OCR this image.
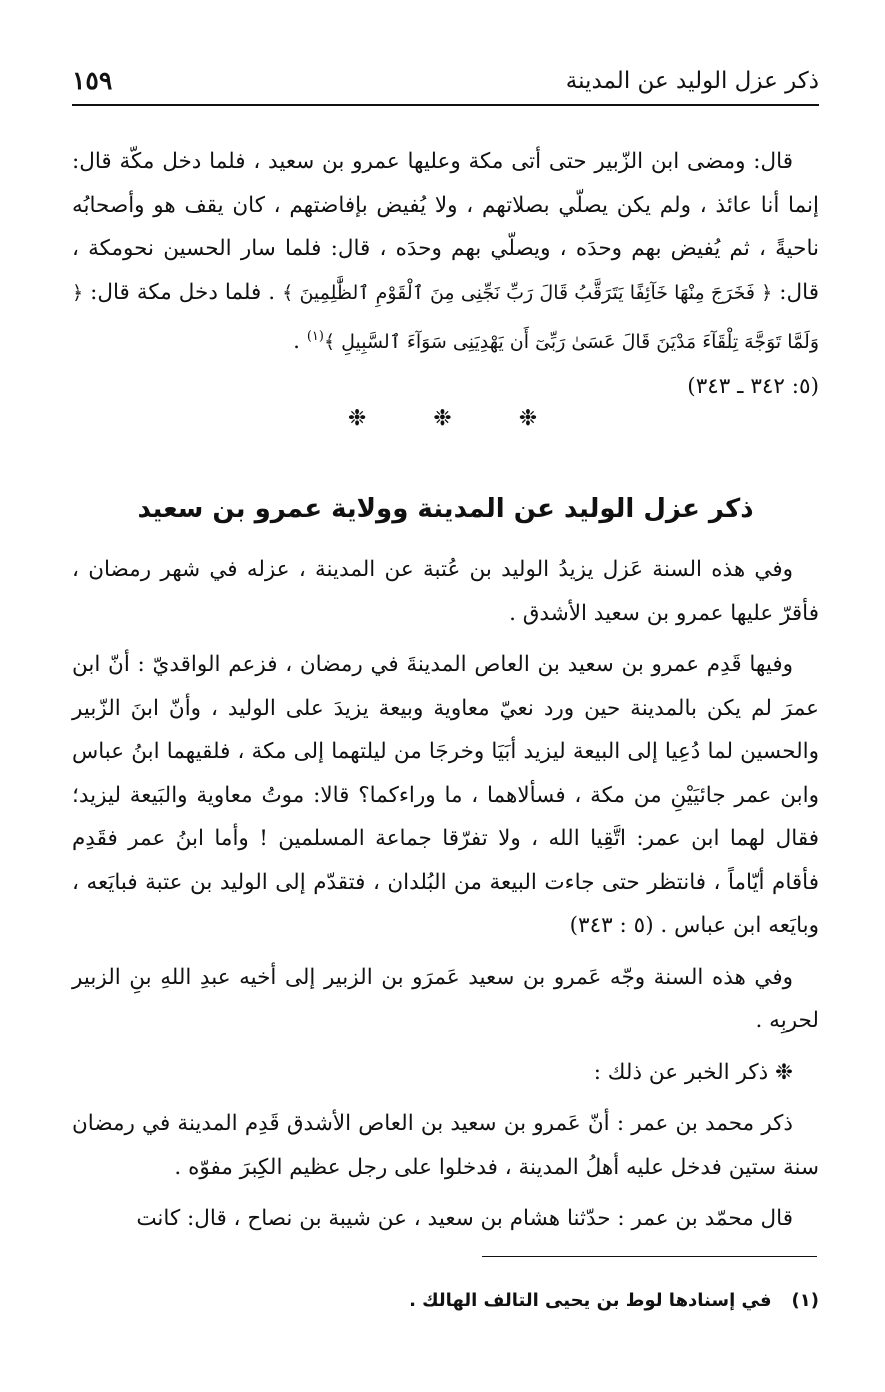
ذكر عزل الوليد عن المدينة
١٥٩

قال: ومضى ابن الزّبير حتى أتى مكة وعليها عمرو بن سعيد ، فلما دخل مكّة قال: إنما أنا عائذ ، ولم يكن يصلّي بصلاتهم ، ولا يُفيض بإفاضتهم ، كان يقف هو وأصحابُه ناحيةً ، ثم يُفيض بهم وحدَه ، ويصلّي بهم وحدَه ، قال: فلما سار الحسين نحومكة ، قال: ﴿ فَخَرَجَ مِنْهَا خَآئِفًا يَتَرَقَّبُ قَالَ رَبِّ نَجِّنِى مِنَ ٱلْقَوْمِ ٱلظَّٰلِمِينَ ﴾ . فلما دخل مكة قال: ﴿ وَلَمَّا تَوَجَّهَ تِلْقَآءَ مَدْيَنَ قَالَ عَسَىٰ رَبِّىٓ أَن يَهْدِيَنِى سَوَآءَ ٱلسَّبِيلِ ﴾$^{(١)}$ .
(٥: ٣٤٢ ـ ٣٤٣)

❉ ❉ ❉
ذكر عزل الوليد عن المدينة وولاية عمرو بن سعيد

وفي هذه السنة عَزل يزيدُ الوليد بن عُتبة عن المدينة ، عزله في شهر رمضان ، فأقرّ عليها عمرو بن سعيد الأشدق .

وفيها قَدِم عمرو بن سعيد بن العاص المدينةَ في رمضان ، فزعم الواقديّ : أنّ ابن عمرَ لم يكن بالمدينة حين ورد نعيّ معاوية وبيعة يزيدَ على الوليد ، وأنّ ابنَ الزّبير والحسين لما دُعِيا إلى البيعة ليزيد أبَيَا وخرجَا من ليلتهما إلى مكة ، فلقيهما ابنُ عباس وابن عمر جائيَيْنِ من مكة ، فسألاهما ، ما وراءكما؟ قالا: موتُ معاوية والبَيعة ليزيد؛ فقال لهما ابن عمر: اتَّقِيا الله ، ولا تفرّقا جماعة المسلمين ! وأما ابنُ عمر فقَدِم فأقام أيّاماً ، فانتظر حتى جاءت البيعة من البُلدان ، فتقدّم إلى الوليد بن عتبة فبايَعه ، وبايَعه ابن عباس . (٥ : ٣٤٣)

وفي هذه السنة وجّه عَمرو بن سعيد عَمرَو بن الزبير إلى أخيه عبدِ اللهِ بنِ الزبير لحربِه .

❉ ذكر الخبر عن ذلك :

ذكر محمد بن عمر : أنّ عَمرو بن سعيد بن العاص الأشدق قَدِم المدينة في رمضان سنة ستين فدخل عليه أهلُ المدينة ، فدخلوا على رجل عظيم الكِبرَ مفوّه .

قال محمّد بن عمر : حدّثنا هشام بن سعيد ، عن شيبة بن نصاح ، قال: كانت

(١)في إسنادها لوط بن يحيى التالف الهالك .
